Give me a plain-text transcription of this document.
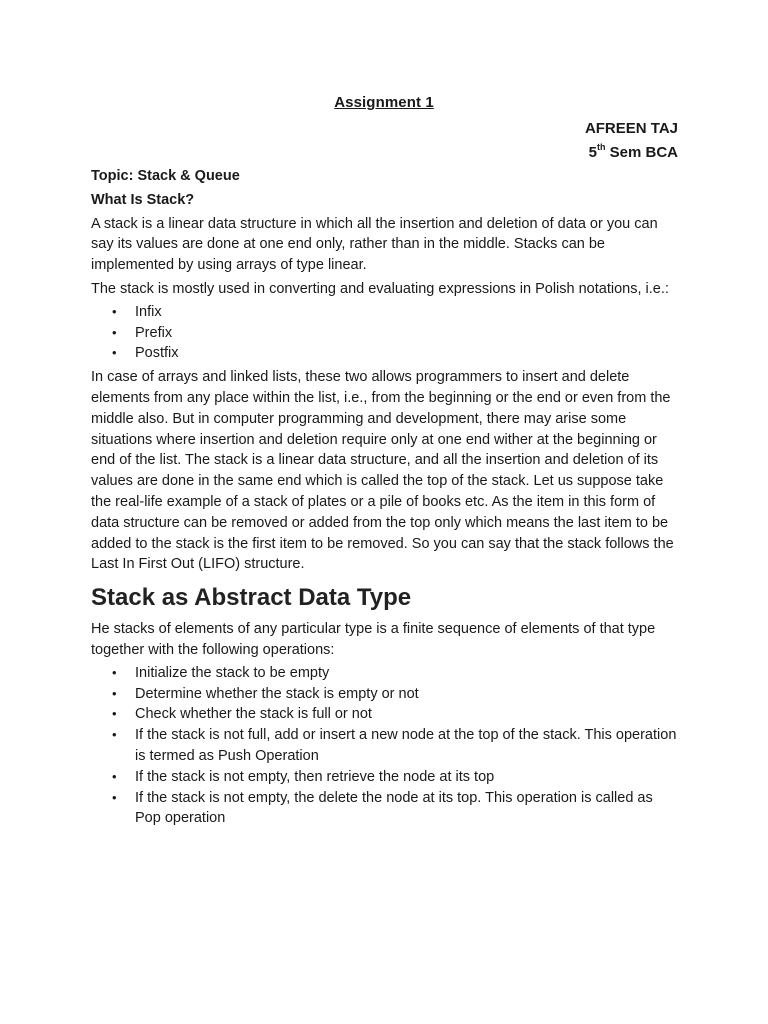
Assignment 1
AFREEN TAJ
5th Sem BCA
Topic: Stack & Queue
What Is Stack?

A stack is a linear data structure in which all the insertion and deletion of data or you can say its values are done at one end only, rather than in the middle. Stacks can be implemented by using arrays of type linear.

The stack is mostly used in converting and evaluating expressions in Polish notations, i.e.:

• Infix
• Prefix
• Postfix

In case of arrays and linked lists, these two allows programmers to insert and delete elements from any place within the list, i.e., from the beginning or the end or even from the middle also. But in computer programming and development, there may arise some situations where insertion and deletion require only at one end wither at the beginning or end of the list. The stack is a linear data structure, and all the insertion and deletion of its values are done in the same end which is called the top of the stack. Let us suppose take the real-life example of a stack of plates or a pile of books etc. As the item in this form of data structure can be removed or added from the top only which means the last item to be added to the stack is the first item to be removed. So you can say that the stack follows the Last In First Out (LIFO) structure.

Stack as Abstract Data Type

He stacks of elements of any particular type is a finite sequence of elements of that type together with the following operations:

• Initialize the stack to be empty
• Determine whether the stack is empty or not
• Check whether the stack is full or not
• If the stack is not full, add or insert a new node at the top of the stack. This operation is termed as Push Operation
• If the stack is not empty, then retrieve the node at its top
• If the stack is not empty, the delete the node at its top. This operation is called as Pop operation
